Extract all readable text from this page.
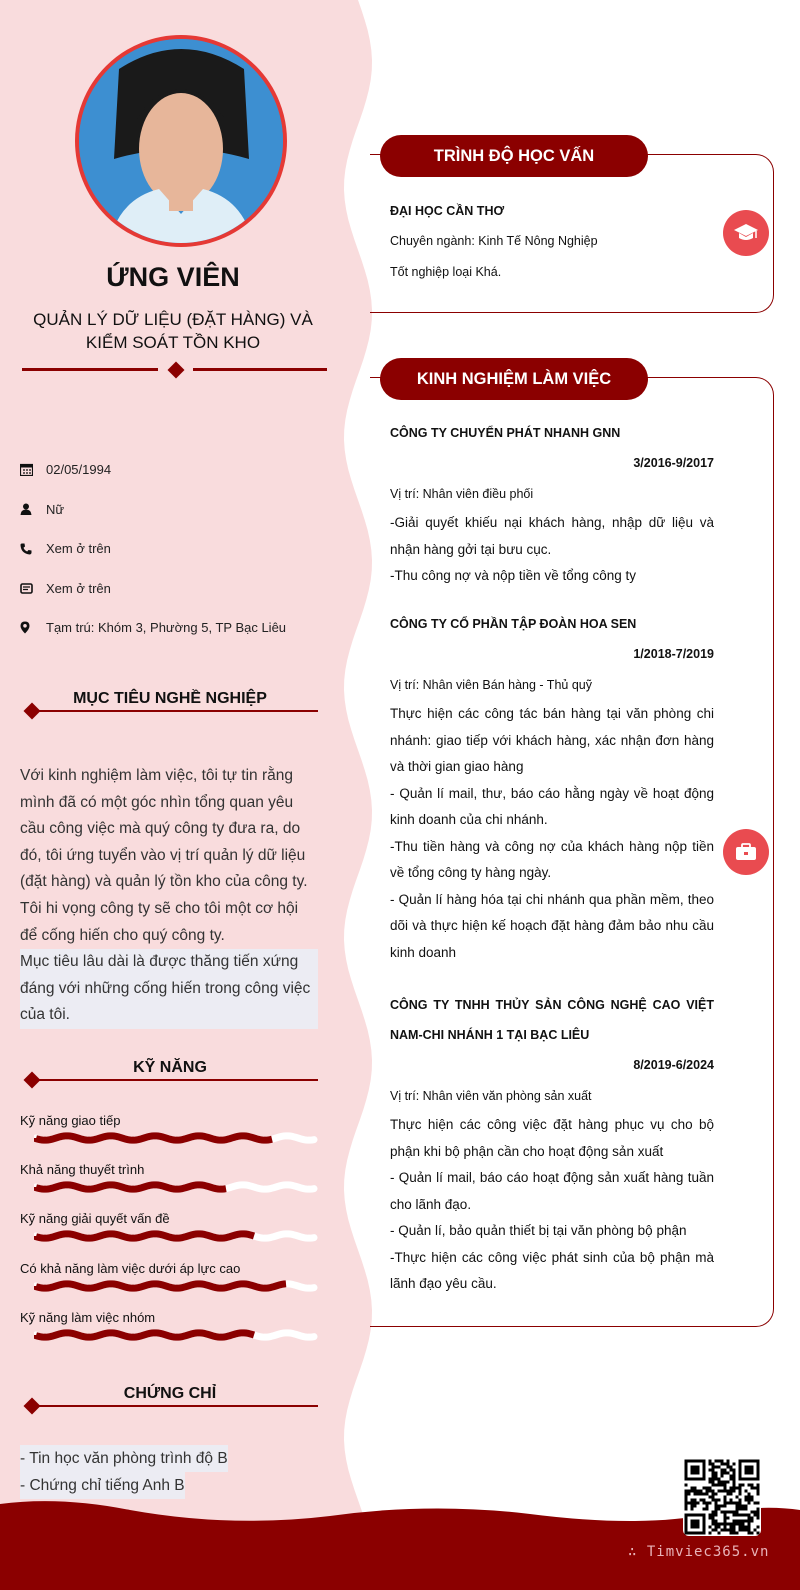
ỨNG VIÊN
QUẢN LÝ DỮ LIỆU (ĐẶT HÀNG) VÀ KIỂM SOÁT TỒN KHO
02/05/1994
Nữ
Xem ở trên
Xem ở trên
Tạm trú: Khóm 3, Phường 5, TP Bạc Liêu
MỤC TIÊU NGHỀ NGHIỆP
Với kinh nghiệm làm việc, tôi tự tin rằng mình đã có một góc nhìn tổng quan yêu cầu công việc mà quý công ty đưa ra, do đó, tôi ứng tuyển vào vị trí quản lý dữ liệu (đặt hàng) và quản lý tồn kho của công ty. Tôi hi vọng công ty sẽ cho tôi một cơ hội để cống hiến cho quý công ty.
Mục tiêu lâu dài là được thăng tiến xứng đáng với những cống hiến trong công việc của tôi.
KỸ NĂNG
Kỹ năng giao tiếp
Khả năng thuyết trình
Kỹ năng giải quyết vấn đề
Có khả năng làm việc dưới áp lực cao
Kỹ năng làm việc nhóm
CHỨNG CHỈ
- Tin học văn phòng trình độ B
- Chứng chỉ tiếng Anh B
TRÌNH ĐỘ HỌC VẤN
ĐẠI HỌC CẦN THƠ
Chuyên ngành: Kinh Tế Nông Nghiệp
Tốt nghiệp loại Khá.
KINH NGHIỆM LÀM VIỆC
CÔNG TY CHUYỂN PHÁT NHANH GNN
3/2016-9/2017
Vị trí: Nhân viên điều phối
-Giải quyết khiếu nại khách hàng, nhập dữ liệu và nhận hàng gởi tại bưu cục.
-Thu công nợ và nộp tiền về tổng công ty
CÔNG TY CỔ PHẦN TẬP ĐOÀN HOA SEN
1/2018-7/2019
Vị trí: Nhân viên Bán hàng - Thủ quỹ
Thực hiện các công tác bán hàng tại văn phòng chi nhánh: giao tiếp với khách hàng, xác nhận đơn hàng và thời gian giao hàng
- Quản lí mail, thư, báo cáo hằng ngày về hoạt động kinh doanh của chi nhánh.
-Thu tiền hàng và công nợ của khách hàng nộp tiền về tổng công ty hàng ngày.
- Quản lí hàng hóa tại chi nhánh qua phần mềm, theo dõi và thực hiện kế hoạch đặt hàng đảm bảo nhu cầu kinh doanh
CÔNG TY TNHH THỦY SẢN CÔNG NGHỆ CAO VIỆT NAM-CHI NHÁNH 1 TẠI BẠC LIÊU
8/2019-6/2024
Vị trí: Nhân viên văn phòng sản xuất
Thực hiện các công việc đặt hàng phục vụ cho bộ phận khi bộ phận cần cho hoạt động sản xuất
- Quản lí mail, báo cáo hoạt động sản xuất hàng tuần cho lãnh đạo.
- Quản lí, bảo quản thiết bị tại văn phòng bộ phận
-Thực hiện các công việc phát sinh của bộ phận mà lãnh đạo yêu cầu.
∴ Timviec365.vn
